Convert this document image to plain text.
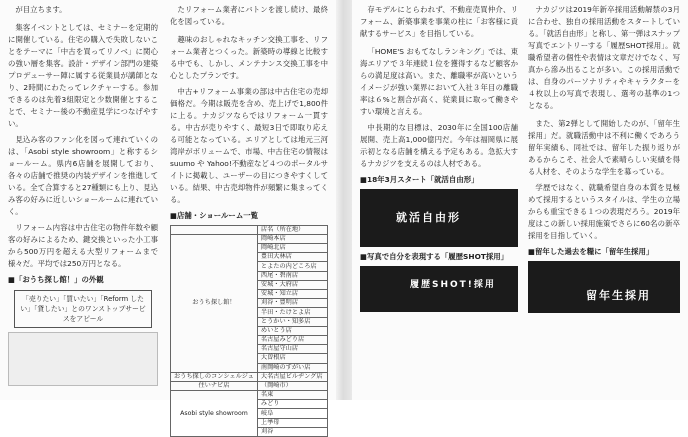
が目立ちます。

集客イベントとしては、セミナーを定期的に開催している。住宅の購入で失敗しないことをテーマに「中古を買ってリノベ」に関心の強い層を集客。設計・デザイン部門の建築プロデューサー陣に属する従業員が講師となり、2時間にわたってレクチャーする。参加できるのは先着3組限定と少数開催とすることで、セミナー後の不動産見学につなげやすい。

見込み客のファン化を図って連れていくのは、「Asobi style showroom」と称するショールーム。県内6店舗を展開しており、各々の店舗で推奨の内装デザインを推進している。全て合算すると27種類にも上り、見込み客の好みに近しいショールームに連れていく。

リフォーム内容は中古住宅の物件年数や顧客の好みによるため、鍵交換といった小工事から500万円を超える大型リフォームまで様々だ。平均では250万円となる。

■「おうち探し館！」の外観
「売りたい」「買いたい」「Reform したい」「貸したい」とのワンストップサービスをアピール

たリフォーム業者にバトンを渡し続け、最終化を図っている。

趣味のおしゃれなキッチン交換工事を、リフォーム業者とつくった。新築時の導線と比較する中でも、しかし、メンテナンス交換工事を中心としたプランです。

中古+リフォーム事業の部は中古住宅の売却価格だ。今期は販売を含め、売上げで1,800件に上る。ナカジツならではリフォーム一貫する。中古が売りやすく、最短3日で即取り応える可能となっている。エリアとしては地元三河湾岸がボリュームで、市場、中古住宅の情報は suumo や Yahoo!不動産など４つのポータルサイトに掲載し、ユーザーの目につきやすくしている。結果、中古売却物件が頻繁に集まってくる。

■店舗・ショールーム一覧
	店名（所在地）
おうち探し館！	岡崎本店
	岡崎北店
	豊田大林店
	とよたの内どころ店
	西尾・碧南店
	安城・大府店
	安城・知立店
	刈谷・豊明店
	半田・たけとよ店
	とうかい・知多店
	めいとう店
	名古屋みどり店
	名古屋守山店
	大曽根店
	南岡崎のすがい店
おうち探しのコンシェルジュ	大名古屋ビルヂング店
住いナビ店	（岡崎市）
Asobi style showroom	名東
	みどり
	岐阜
	上挙母
	刈谷

存モデルにとらわれず、不動産売買仲介、リフォーム、新築事業を事業の柱に「お客様に貢献するサービス」を目指している。

「HOME'S おもてなしランキング」では、東海エリアで３年連続１位を獲得するなど顧客からの満足度は高い。また、離職率が高いというイメージが強い業界において入社３年目の離職率は６%と割合が高く、従業員に取って働きやすい環境と言える。

中長期的な目標は、2030年に全国100店舗展開、売上高1,000億円だ。今年は福岡県に展示初となる店舗を構える予定もある。急拡大するナカジツを支えるのは人材である。

■18年3月スタート「就活自由形」
就活自由形
■写真で自分を表現する「履歴SHOT採用」
履歴SHOT!採用

ナカジツは2019年新卒採用活動解禁の3月に合わせ、独自の採用活動をスタートしている。「就活自由形」と称し、第一弾はスナップ写真でエントリーする「履歴SHOT採用」。就職希望者の個性や表情は文章だけでなく、写真から滲み出ることが多い。この採用活動では、自身のパーソナリティやキャラクターを４枚以上の写真で表現し、選考の基準の1つとなる。

また、第2弾として開始したのが、「留年生採用」だ。就職活動中は不利に働くであろう留年実績も、同社では、留年した振り返りがあるからこそ、社会人で素晴らしい実績を得る人材を、そのような学生を募っている。

学歴ではなく、就職希望自身の本質を見極めて採用するというスタイルは、学生の立場からも重宝できる１つの表現だろう。2019年度はこの新しい採用施策でさらに60名の新卒採用を目指していく。

■留年した過去を糧に「留年生採用」
留年生採用
